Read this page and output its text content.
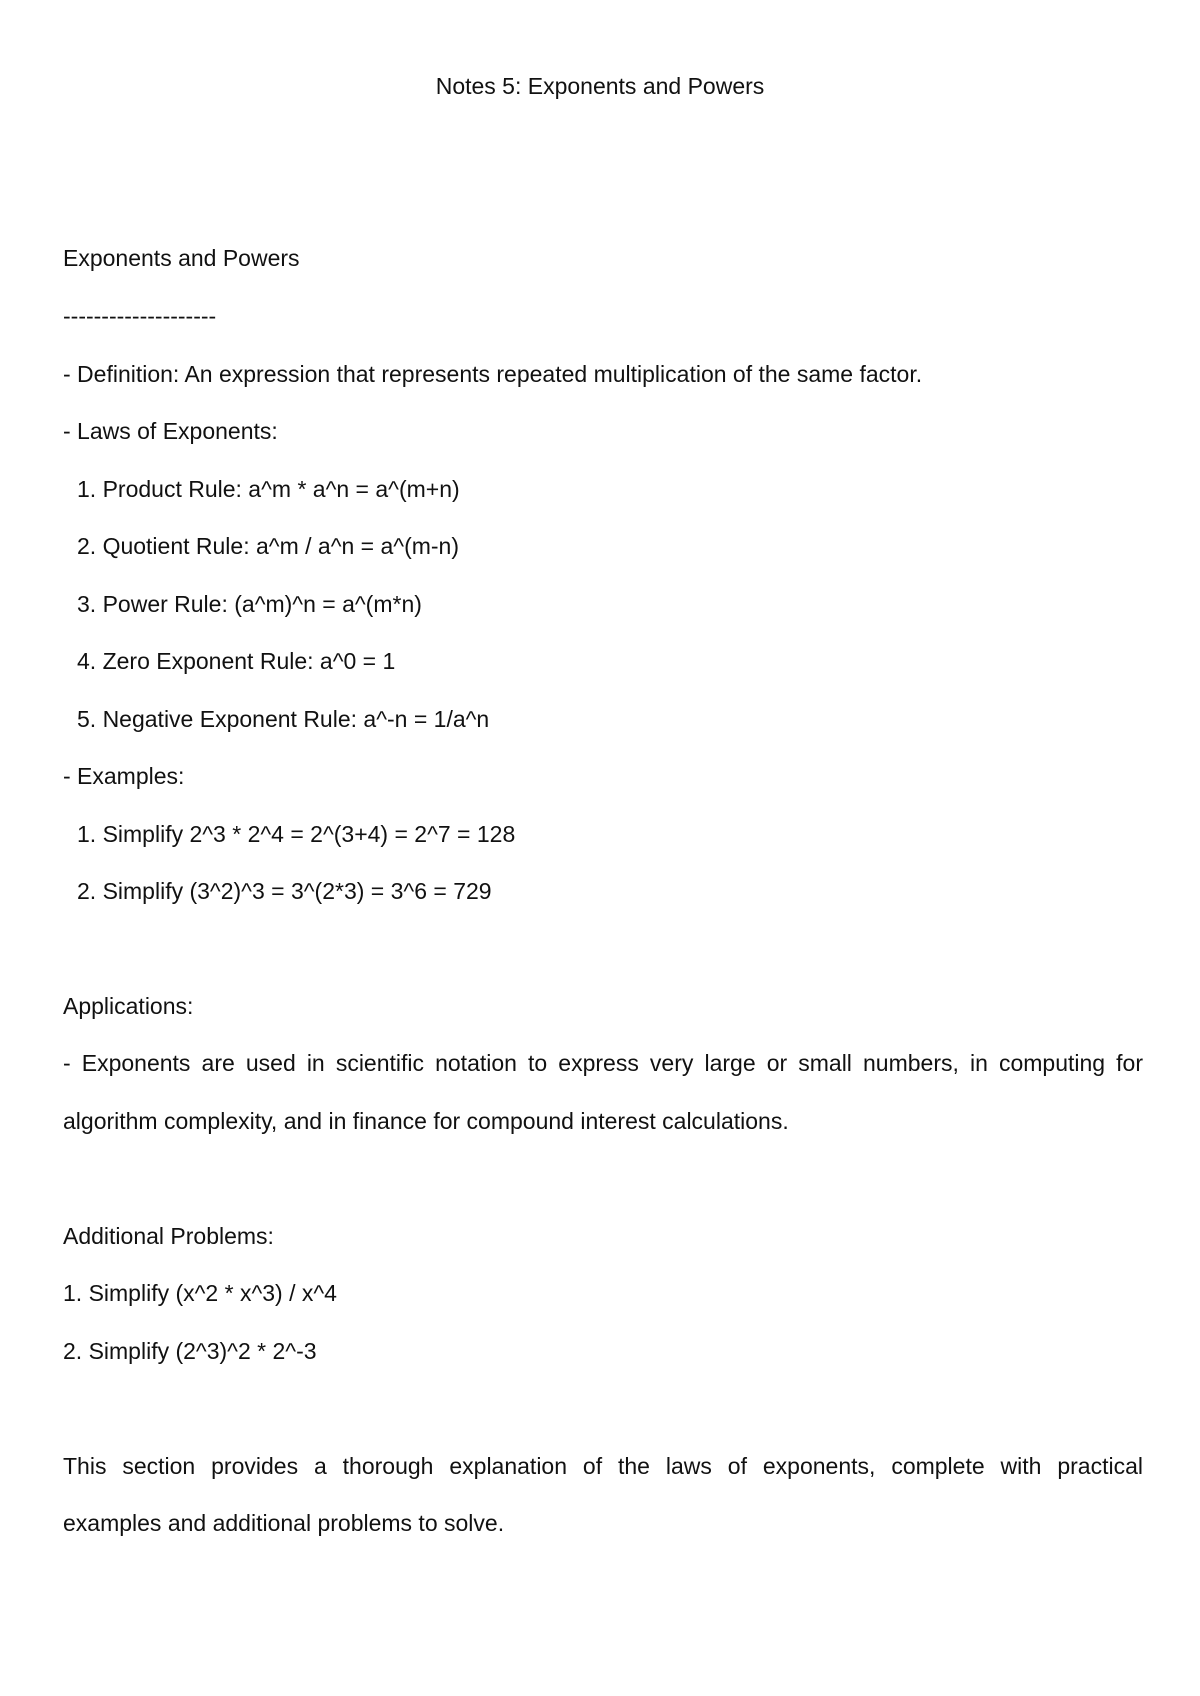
Notes 5: Exponents and Powers
Exponents and Powers
--------------------
- Definition: An expression that represents repeated multiplication of the same factor.
- Laws of Exponents:
1. Product Rule: a^m * a^n = a^(m+n)
2. Quotient Rule: a^m / a^n = a^(m-n)
3. Power Rule: (a^m)^n = a^(m*n)
4. Zero Exponent Rule: a^0 = 1
5. Negative Exponent Rule: a^-n = 1/a^n
- Examples:
1. Simplify 2^3 * 2^4 = 2^(3+4) = 2^7 = 128
2. Simplify (3^2)^3 = 3^(2*3) = 3^6 = 729
Applications:
- Exponents are used in scientific notation to express very large or small numbers, in computing for
algorithm complexity, and in finance for compound interest calculations.
Additional Problems:
1. Simplify (x^2 * x^3) / x^4
2. Simplify (2^3)^2 * 2^-3
This section provides a thorough explanation of the laws of exponents, complete with practical
examples and additional problems to solve.
